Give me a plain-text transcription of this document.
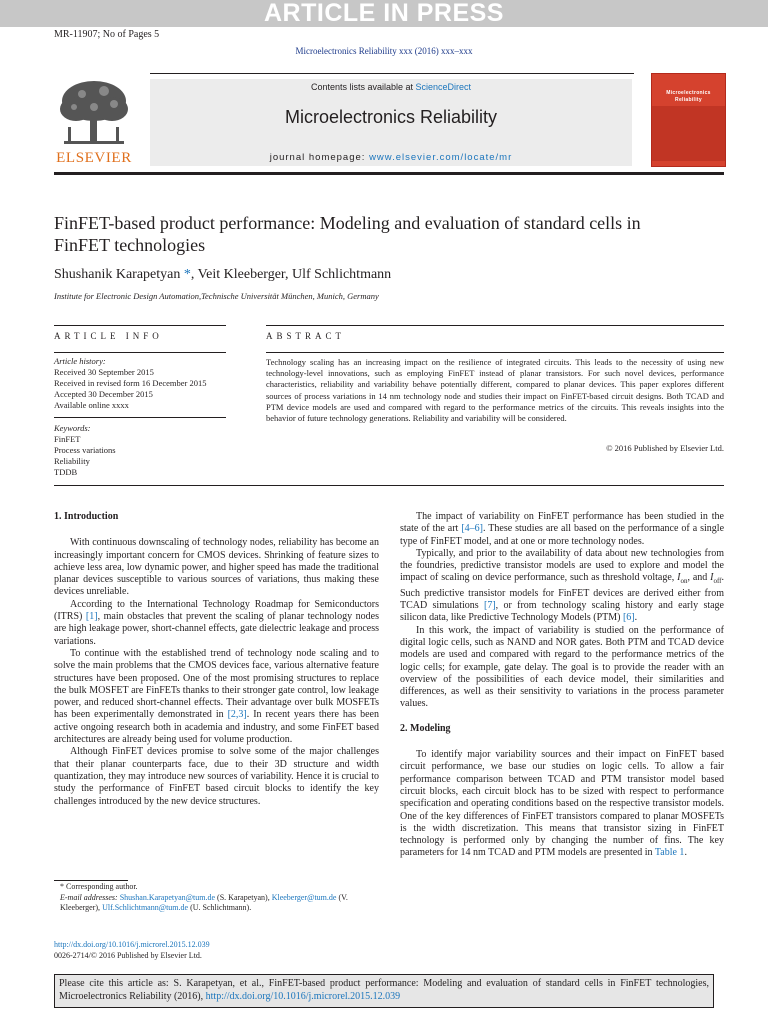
ARTICLE IN PRESS
MR-11907; No of Pages 5
Microelectronics Reliability xxx (2016) xxx–xxx
ELSEVIER
Contents lists available at ScienceDirect
Microelectronics Reliability
journal homepage: www.elsevier.com/locate/mr
Microelectronics
Reliability
FinFET-based product performance: Modeling and evaluation of standard cells in
FinFET technologies
Shushanik Karapetyan *, Veit Kleeberger, Ulf Schlichtmann
Institute for Electronic Design Automation,Technische Universität München, Munich, Germany
ARTICLE INFO	ABSTRACT
Article history:
Received 30 September 2015
Received in revised form 16 December 2015
Accepted 30 December 2015
Available online xxxx
Keywords:
FinFET
Process variations
Reliability
TDDB
Technology scaling has an increasing impact on the resilience of integrated circuits. This leads to the necessity of using new technology-level innovations, such as employing FinFET instead of planar transistors. For such novel devices, performance characteristics, reliability and variability behave potentially different, compared to planar devices. This paper explores different sources of process variations in 14 nm technology node and studies their impact on FinFET-based circuit designs. Both TCAD and PTM device models are used and compared with regard to the performance metrics of the circuits. This reveals insights into the behavior of future technology generations. Reliability and variability will be considered.
© 2016 Published by Elsevier Ltd.

1. Introduction

With continuous downscaling of technology nodes, reliability has become an increasingly important concern for CMOS devices. Shrinking of feature sizes to achieve less area, low dynamic power, and higher speed has made the traditional planar devices susceptible to various sources of variations, thus making these devices unreliable.

According to the International Technology Roadmap for Semiconductors (ITRS) [1], main obstacles that prevent the scaling of planar technology nodes are high leakage power, short-channel effects, gate dielectric leakage and process variations.

To continue with the established trend of technology node scaling and to solve the main problems that the CMOS devices face, various alternative feature structures have been proposed. One of the most promising structures to replace the bulk MOSFET are FinFETs thanks to their stronger gate control, low leakage power, and reduced short-channel effects. Their advantage over bulk MOSFETs has been experimentally demonstrated in [2,3]. In recent years there has been active ongoing research both in academia and industry, and some FinFET based architectures are already being used for volume production.

Although FinFET devices promise to solve some of the major challenges that their planar counterparts face, due to their 3D structure and width quantization, they may introduce new sources of variability. Hence it is crucial to study the performance of FinFET based circuit blocks to identify the key challenges introduced by the new device structures.

The impact of variability on FinFET performance has been studied in the state of the art [4–6]. These studies are all based on the performance of a single type of FinFET model, and at one or more technology nodes.

Typically, and prior to the availability of data about new technologies from the foundries, predictive transistor models are used to explore and model the impact of scaling on device performance, such as threshold voltage, $I_{on}$, and $I_{off}$. Such predictive transistor models for FinFET devices are derived either from TCAD simulations [7], or from technology scaling history and early stage silicon data, like Predictive Technology Models (PTM) [6].

In this work, the impact of variability is studied on the performance of digital logic cells, such as NAND and NOR gates. Both PTM and TCAD device models are used and compared with regard to the performance metrics of the logic cells; for example, gate delay. The goal is to provide the reader with an overview of the possibilities of each device model, their similarities and differences, as well as their sensitivity to variations in the process parameter values.

2. Modeling

To identify major variability sources and their impact on FinFET based circuit performance, we base our studies on logic cells. To allow a fair performance comparison between TCAD and PTM transistor model based circuit blocks, each circuit block has to be sized with respect to performance specification and operating conditions based on the respective transistor models. One of the key differences of FinFET transistors compared to planar MOSFETs is the width discretization. This means that transistor sizing in FinFET technology is performed only by changing the number of fins. The key parameters for 14 nm TCAD and PTM models are presented in Table 1.

* Corresponding author.
E-mail addresses: Shushan.Karapetyan@tum.de (S. Karapetyan), Kleeberger@tum.de (V. Kleeberger), Ulf.Schlichtmann@tum.de (U. Schlichtmann).
http://dx.doi.org/10.1016/j.microrel.2015.12.039
0026-2714/© 2016 Published by Elsevier Ltd.
Please cite this article as: S. Karapetyan, et al., FinFET-based product performance: Modeling and evaluation of standard cells in FinFET technologies, Microelectronics Reliability (2016), http://dx.doi.org/10.1016/j.microrel.2015.12.039
